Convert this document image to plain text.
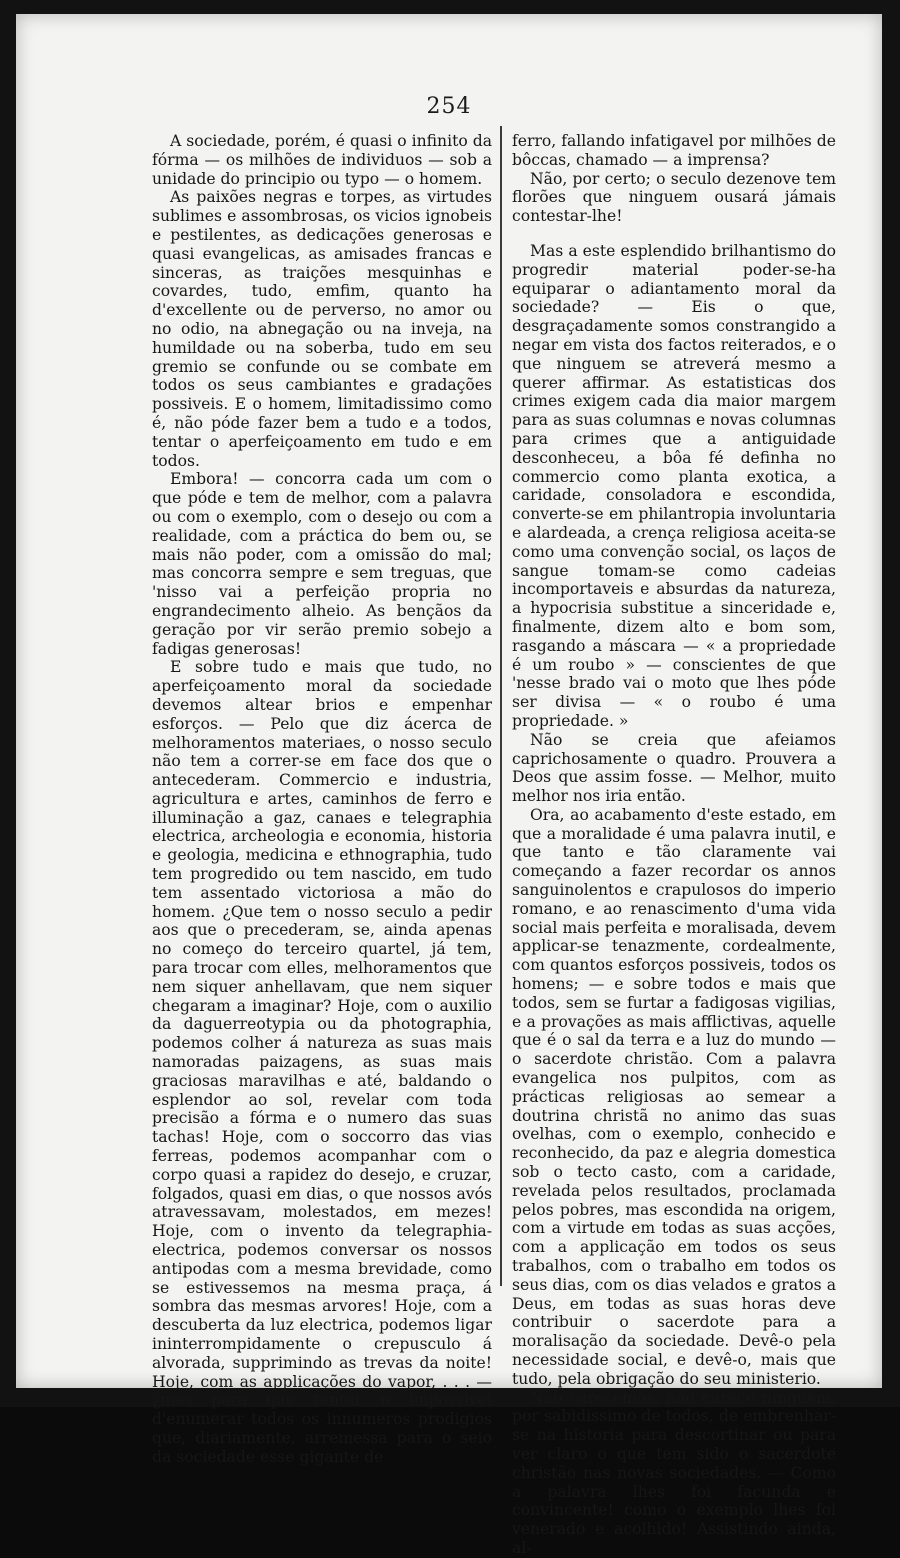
254

A sociedade, porém, é quasi o infinito da fórma — os milhões de individuos — sob a unidade do principio ou typo — o homem.

As paixões negras e torpes, as virtudes sublimes e assombrosas, os vicios ignobeis e pestilentes, as dedicações generosas e quasi evangelicas, as amisades francas e sinceras, as traições mesquinhas e covardes, tudo, emfim, quanto ha d'excellente ou de perverso, no amor ou no odio, na abnegação ou na inveja, na humildade ou na soberba, tudo em seu gremio se confunde ou se combate em todos os seus cambiantes e gradações possiveis. E o homem, limitadissimo como é, não póde fazer bem a tudo e a todos, tentar o aperfeiçoamento em tudo e em todos.

Embora! — concorra cada um com o que póde e tem de melhor, com a palavra ou com o exemplo, com o desejo ou com a realidade, com a práctica do bem ou, se mais não poder, com a omissão do mal; mas concorra sempre e sem treguas, que 'nisso vai a perfeição propria no engrandecimento alheio. As bençãos da geração por vir serão premio sobejo a fadigas generosas!

E sobre tudo e mais que tudo, no aperfeiçoamento moral da sociedade devemos altear brios e empenhar esforços. — Pelo que diz ácerca de melhoramentos materiaes, o nosso seculo não tem a correr-se em face dos que o antecederam. Commercio e industria, agricultura e artes, caminhos de ferro e illuminação a gaz, canaes e telegraphia electrica, archeologia e economia, historia e geologia, medicina e ethnographia, tudo tem progredido ou tem nascido, em tudo tem assentado victoriosa a mão do homem. ¿Que tem o nosso seculo a pedir aos que o precederam, se, ainda apenas no começo do terceiro quartel, já tem, para trocar com elles, melhoramentos que nem siquer anhellavam, que nem siquer chegaram a imaginar? Hoje, com o auxilio da daguerreotypia ou da photographia, podemos colher á natureza as suas mais namoradas paizagens, as suas mais graciosas maravilhas e até, baldando o esplendor ao sol, revelar com toda precisão a fórma e o numero das suas tachas! Hoje, com o soccorro das vias ferreas, podemos acompanhar com o corpo quasi a rapidez do desejo, e cruzar, folgados, quasi em dias, o que nossos avós atravessavam, molestados, em mezes! Hoje, com o invento da telegraphia-electrica, podemos conversar os nossos antipodas com a mesma brevidade, como se estivessemos na mesma praça, á sombra das mesmas arvores! Hoje, com a descuberta da luz electrica, podemos ligar ininterrompidamente o crepusculo á alvorada, supprimindo as trevas da noite! Hoje, com as applicações do vapor, . . . — ¿mas para que tentar o impossivel d'enumerar todos os innumeros prodigios que, diariamente, arremessa para o seio da sociedade esse gigante de

ferro, fallando infatigavel por milhões de bôccas, chamado — a imprensa?

Não, por certo; o seculo dezenove tem florões que ninguem ousará jámais contestar-lhe!

Mas a este esplendido brilhantismo do progredir material poder-se-ha equiparar o adiantamento moral da sociedade? — Eis o que, desgraçadamente somos constrangido a negar em vista dos factos reiterados, e o que ninguem se atreverá mesmo a querer affirmar. As estatisticas dos crimes exigem cada dia maior margem para as suas columnas e novas columnas para crimes que a antiguidade desconheceu, a bôa fé definha no commercio como planta exotica, a caridade, consoladora e escondida, converte-se em philantropia involuntaria e alardeada, a crença religiosa aceita-se como uma convenção social, os laços de sangue tomam-se como cadeias incomportaveis e absurdas da natureza, a hypocrisia substitue a sinceridade e, finalmente, dizem alto e bom som, rasgando a máscara — « a propriedade é um roubo » — conscientes de que 'nesse brado vai o moto que lhes póde ser divisa — « o roubo é uma propriedade. »

Não se creia que afeiamos caprichosamente o quadro. Prouvera a Deos que assim fosse. — Melhor, muito melhor nos iria então.

Ora, ao acabamento d'este estado, em que a moralidade é uma palavra inutil, e que tanto e tão claramente vai começando a fazer recordar os annos sanguinolentos e crapulosos do imperio romano, e ao renascimento d'uma vida social mais perfeita e moralisada, devem applicar-se tenazmente, cordealmente, com quantos esforços possiveis, todos os homens; — e sobre todos e mais que todos, sem se furtar a fadigosas vigilias, e a provações as mais afflictivas, aquelle que é o sal da terra e a luz do mundo — o sacerdote christão. Com a palavra evangelica nos pulpitos, com as prácticas religiosas ao semear a doutrina christã no animo das suas ovelhas, com o exemplo, conhecido e reconhecido, da paz e alegria domestica sob o tecto casto, com a caridade, revelada pelos resultados, proclamada pelos pobres, mas escondida na origem, com a virtude em todas as suas acções, com a applicação em todos os seus trabalhos, com o trabalho em todos os seus dias, com os dias velados e gratos a Deus, em todas as suas horas deve contribuir o sacerdote para a moralisação da sociedade. Devê-o pela necessidade social, e devê-o, mais que tudo, pela obrigação do seu ministerio.

Não carecemos, não carece ninguem, por sabidissimo de todos, de embrenhar-se na historia para descortinar ou para ver claro o que tem sido o sacerdote christão nas novas sociedades. — Como a palavra lhes foi facunda e convincente! como o exemplo lhes foi venerado e acolhido! Assistindo ainda, al-
